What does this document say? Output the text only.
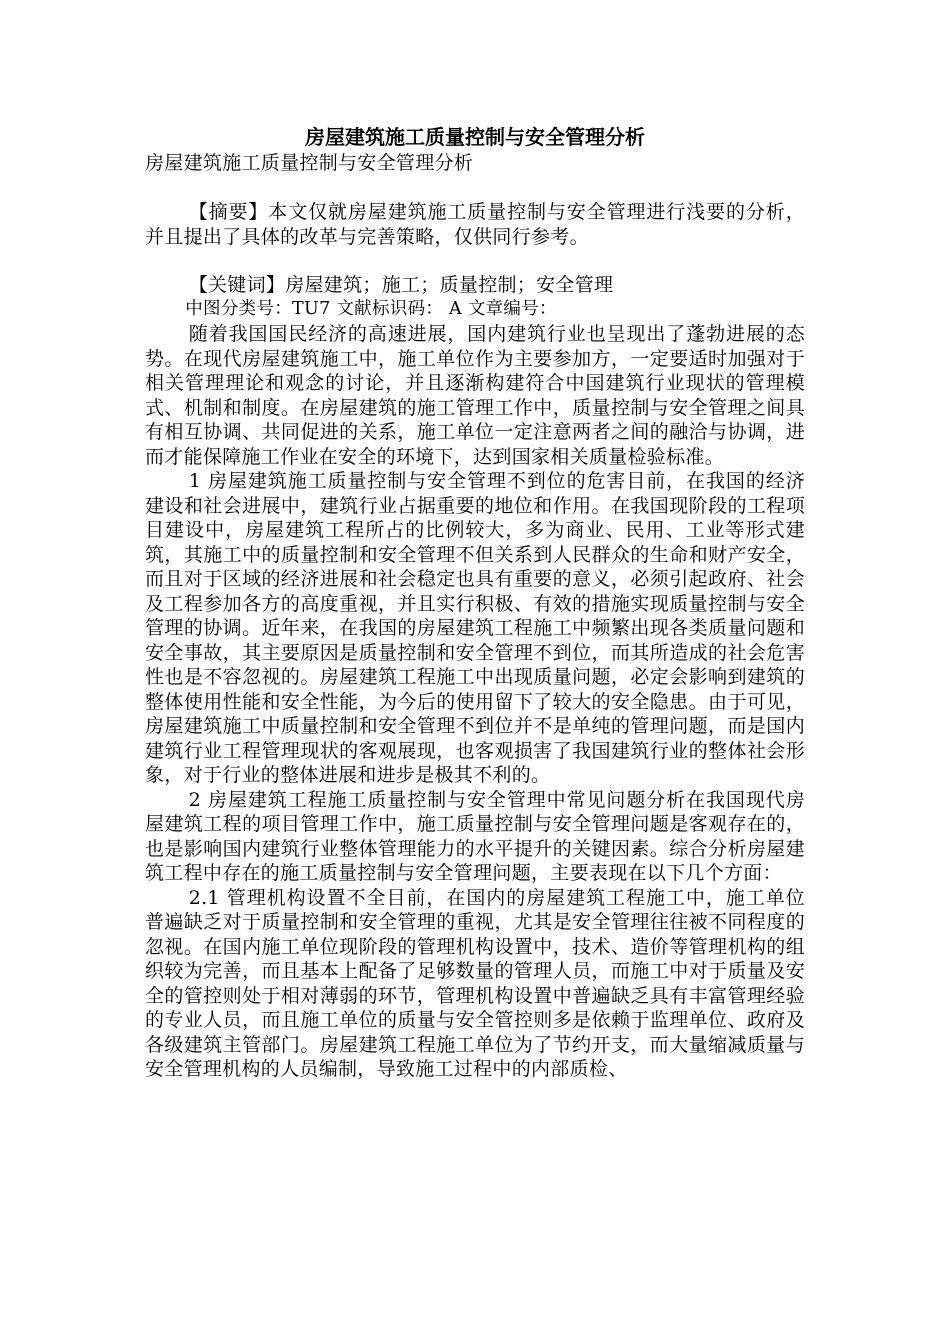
房屋建筑施工质量控制与安全管理分析
房屋建筑施工质量控制与安全管理分析
【摘要】本文仅就房屋建筑施工质量控制与安全管理进行浅要的分析，并且提出了具体的改革与完善策略，仅供同行参考。
【关键词】房屋建筑；施工；质量控制；安全管理
中图分类号：TU7 文献标识码： A 文章编号：

随着我国国民经济的高速进展，国内建筑行业也呈现出了蓬勃进展的态势。在现代房屋建筑施工中，施工单位作为主要参加方，一定要适时加强对于相关管理理论和观念的讨论，并且逐渐构建符合中国建筑行业现状的管理模式、机制和制度。在房屋建筑的施工管理工作中，质量控制与安全管理之间具有相互协调、共同促进的关系，施工单位一定注意两者之间的融洽与协调，进而才能保障施工作业在安全的环境下，达到国家相关质量检验标准。

1 房屋建筑施工质量控制与安全管理不到位的危害目前，在我国的经济建设和社会进展中，建筑行业占据重要的地位和作用。在我国现阶段的工程项目建设中，房屋建筑工程所占的比例较大，多为商业、民用、工业等形式建筑，其施工中的质量控制和安全管理不但关系到人民群众的生命和财产安全，而且对于区域的经济进展和社会稳定也具有重要的意义，必须引起政府、社会及工程参加各方的高度重视，并且实行积极、有效的措施实现质量控制与安全管理的协调。近年来，在我国的房屋建筑工程施工中频繁出现各类质量问题和安全事故，其主要原因是质量控制和安全管理不到位，而其所造成的社会危害性也是不容忽视的。房屋建筑工程施工中出现质量问题，必定会影响到建筑的整体使用性能和安全性能，为今后的使用留下了较大的安全隐患。由于可见，房屋建筑施工中质量控制和安全管理不到位并不是单纯的管理问题，而是国内建筑行业工程管理现状的客观展现，也客观损害了我国建筑行业的整体社会形象，对于行业的整体进展和进步是极其不利的。

2 房屋建筑工程施工质量控制与安全管理中常见问题分析在我国现代房屋建筑工程的项目管理工作中，施工质量控制与安全管理问题是客观存在的，也是影响国内建筑行业整体管理能力的水平提升的关键因素。综合分析房屋建筑工程中存在的施工质量控制与安全管理问题，主要表现在以下几个方面：

2.1 管理机构设置不全目前，在国内的房屋建筑工程施工中，施工单位普遍缺乏对于质量控制和安全管理的重视，尤其是安全管理往往被不同程度的忽视。在国内施工单位现阶段的管理机构设置中，技术、造价等管理机构的组织较为完善，而且基本上配备了足够数量的管理人员，而施工中对于质量及安全的管控则处于相对薄弱的环节，管理机构设置中普遍缺乏具有丰富管理经验的专业人员，而且施工单位的质量与安全管控则多是依赖于监理单位、政府及各级建筑主管部门。房屋建筑工程施工单位为了节约开支，而大量缩减质量与安全管理机构的人员编制，导致施工过程中的内部质检、
